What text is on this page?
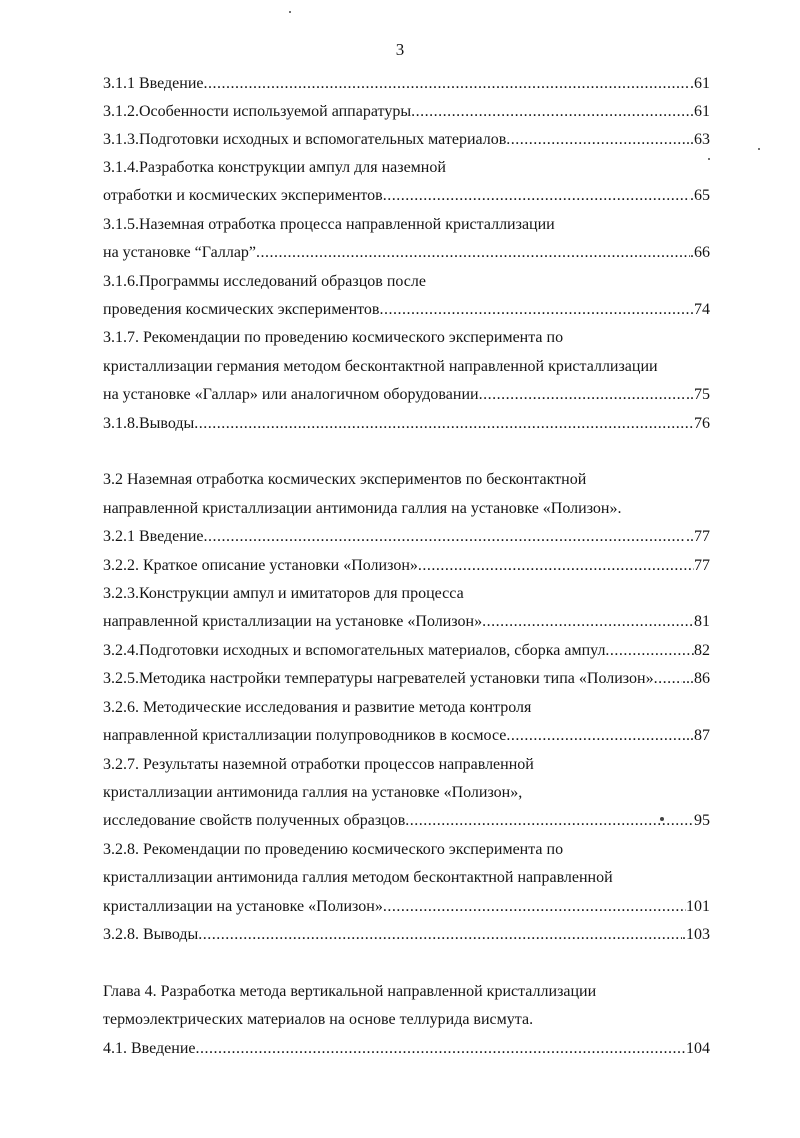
3
3.1.1 Введение .....	.61
3.1.2.Особенности используемой аппаратуры .....	.61
3.1.3.Подготовки исходных и вспомогательных материалов .....	..63
3.1.4.Разработка конструкции ампул для наземной
отработки и космических экспериментов .....	.65
3.1.5.Наземная отработка процесса направленной кристаллизации
на установке “Галлар” .....	.66
3.1.6.Программы исследований образцов после
проведения космических экспериментов .....	74
3.1.7. Рекомендации по проведению космического эксперимента по
кристаллизации германия методом бесконтактной направленной кристаллизации
на установке «Галлар» или аналогичном оборудовании .....	..75
3.1.8.Выводы .....	76
3.2 Наземная отработка космических экспериментов по бесконтактной
направленной кристаллизации антимонида галлия на установке «Полизон».
3.2.1 Введение .....	..77
3.2.2. Краткое описание установки «Полизон» .....	77
3.2.3.Конструкции ампул и имитаторов для процесса
направленной кристаллизации на установке «Полизон» .....	81
3.2.4.Подготовки исходных и вспомогательных материалов, сборка ампул .....	82
3.2.5.Методика настройки температуры нагревателей установки типа «Полизон» ..... ...86
3.2.6. Методические исследования и развитие метода контроля
направленной кристаллизации полупроводников в космосе .....	..87
3.2.7. Результаты наземной отработки процессов направленной
кристаллизации антимонида галлия на установке «Полизон»,
исследование свойств полученных образцов .....	95
3.2.8. Рекомендации по проведению космического эксперимента по
кристаллизации антимонида галлия методом бесконтактной направленной
кристаллизации на установке «Полизон» .....	101
3.2.8. Выводы .....	.103
Глава 4. Разработка метода вертикальной направленной кристаллизации
термоэлектрических материалов на основе теллурида висмута.
4.1. Введение .....	104
